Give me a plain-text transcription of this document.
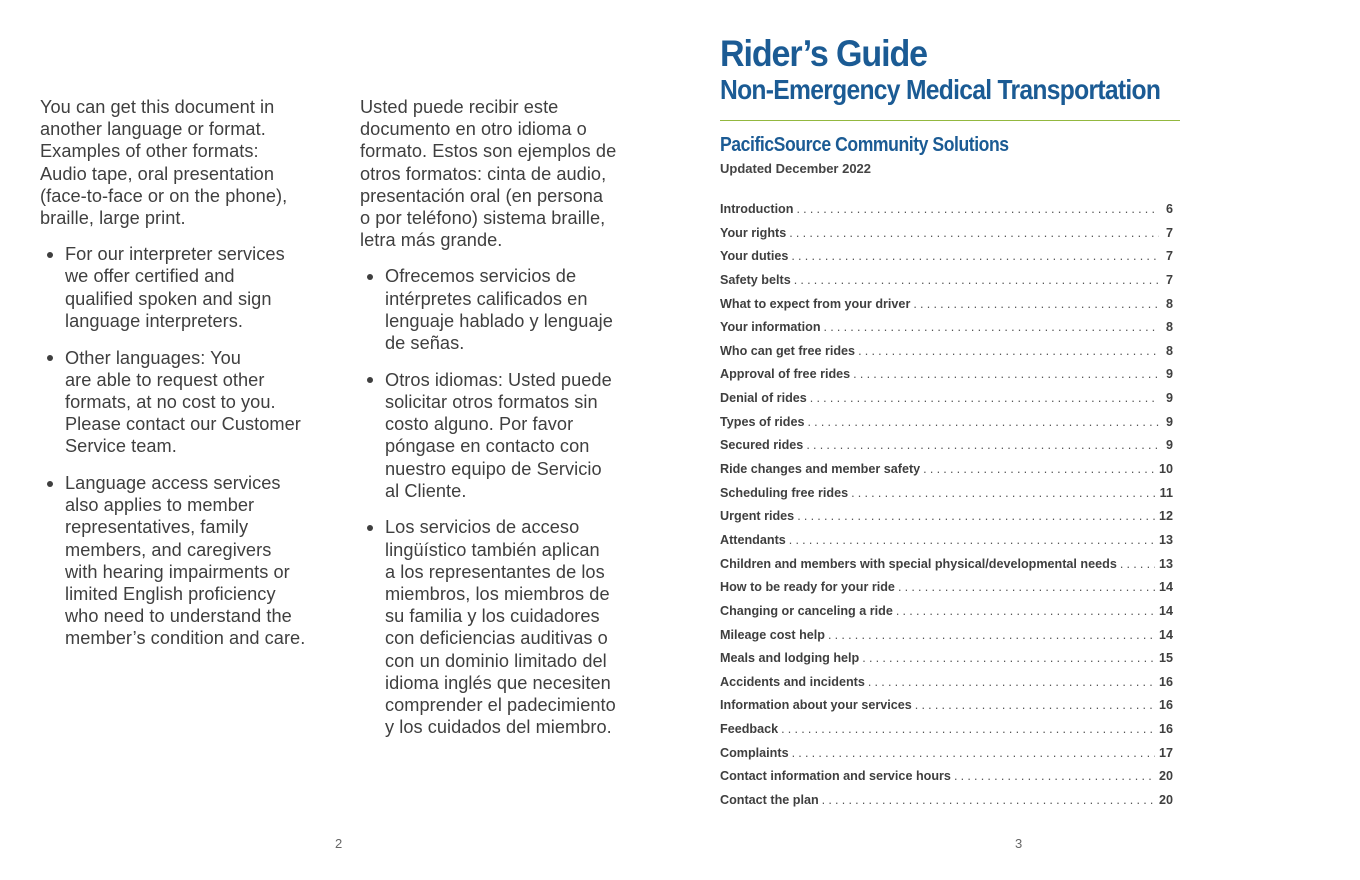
You can get this document in
another language or format.
Examples of other formats:
Audio tape, oral presentation
(face-to-face or on the phone),
braille, large print.

For our interpreter services
we offer certified and
qualified spoken and sign
language interpreters.
Other languages: You
are able to request other
formats, at no cost to you.
Please contact our Customer
Service team.
Language access services
also applies to member
representatives, family
members, and caregivers
with hearing impairments or
limited English proficiency
who need to understand the
member’s condition and care.

Usted puede recibir este
documento en otro idioma o
formato. Estos son ejemplos de
otros formatos: cinta de audio,
presentación oral (en persona
o por teléfono) sistema braille,
letra más grande.

Ofrecemos servicios de
intérpretes calificados en
lenguaje hablado y lenguaje
de señas.
Otros idiomas: Usted puede
solicitar otros formatos sin
costo alguno. Por favor
póngase en contacto con
nuestro equipo de Servicio
al Cliente.
Los servicios de acceso
lingüístico también aplican
a los representantes de los
miembros, los miembros de
su familia y los cuidadores
con deficiencias auditivas o
con un dominio limitado del
idioma inglés que necesiten
comprender el padecimiento
y los cuidados del miembro.
2
Rider’s Guide
Non-Emergency Medical Transportation
PacificSource Community Solutions
Updated December 2022
Introduction .....	6
Your rights .....	7
Your duties .....	7
Safety belts .....	7
What to expect from your driver .....	8
Your information .....	8
Who can get free rides .....	8
Approval of free rides .....	9
Denial of rides .....	9
Types of rides .....	9
Secured rides .....	9
Ride changes and member safety .....	10
Scheduling free rides .....	11
Urgent rides .....	12
Attendants .....	13
Children and members with special physical/developmental needs .....	13
How to be ready for your ride .....	14
Changing or canceling a ride .....	14
Mileage cost help .....	14
Meals and lodging help .....	15
Accidents and incidents .....	16
Information about your services .....	16
Feedback .....	16
Complaints .....	17
Contact information and service hours .....	20
Contact the plan .....	20
3
